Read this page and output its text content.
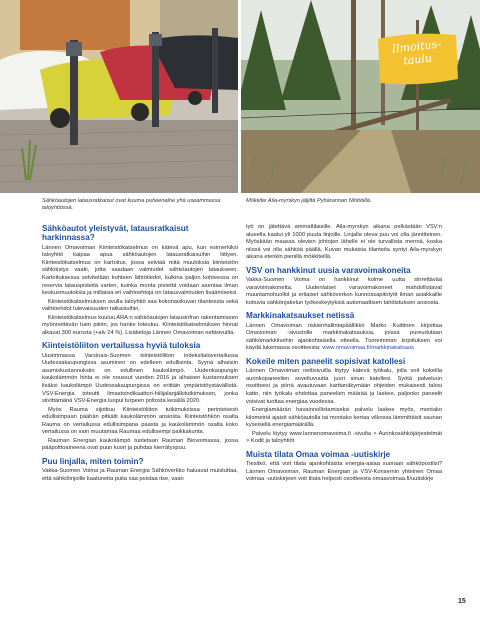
Ilmoitus-
taulu
Sähköautojen latausratkaisut ovat kuuma puheenaihe yhä useammassa taloyhtiössä.
Mökkitie Aila-myrskyn jäljiltä Pyhärannan Nihtiöillä.
Sähköautot yleistyvät, latausratkaisut harkinnassa?

Lännen Omavoiman Kiinteistökatselmus on kätevä apu, kun esimerkiksi taloyhtiö kaipaa apua sähköautojen latausratkaisuihin liittyen. Kiinteistökatselmus on kartoitus, jossa selviää mitä muutoksia kiinteistön sähköistys vaatii, jotta saadaan valmiudet sähköautojen lataukseen. Kartoituksessa selvitetään kohteen lähtötiedot, kulkina paljon kohteessa on reservia latauspisteitä varten, kuinka monta pistettä voidaan asentaa ilman keskusmuutoksia ja millaisia eri vaihtoehtoja on latausvalmiuden lisäämiseksi.

Kiinteistökatselmuksen avulla taloyhtiö saa kokonaiskuvan tilanteesta sekä vaihtoehdot tulevaisuuden ratkaisuihin.

Kiinteistökatselmus kuuluu ARA:n sähköautojen latausinfran rakentamiseen myönnettävän tuen piiriin, jos hanke toteutuu. Kiinteistökatselmuksen hinnat alkavat 300 eurosta (+alv 24 %). Lisätietoja Lännen Omavoiman nettisivuilta.

Kiinteistöliiton vertailussa hyviä tuloksia

Uusimmassa Varsinais-Suomen kiinteistöliiton indeksitalovertailussa Uudessakaupungissa asuminen on edelleen edullisinta. Syynä alhaisiin asumiskustannuksiin on edullinen kaukolämpö. Uudenkaupungin kaukolämmön hinta ei ole noussut vuoden 2016 ja alhaisen kustannuksen lisäksi kaukolämpö Uudessakaupungissa on erittäin ympäristöystävällistä. VSV-Energia toteutti ilmastoindikaattori-hiilijalanjälkitutkimuksen, jonka sitvittämänä VSV-Energia luopui turpeen poltosta kesällä 2020.

Myös Rauma sijoittuu Kiinteistöliiton tutkimuksissa perinteisesti edullisimpaan päähän pitkälti kaukolämmön ansiosta. Kiinteistöhkön osalta Rauma on vertailussa edullisimpana paasta ja kaukolämmön osalta koko vertailussa on vain muutamaa Raumaa edullisempi paikkakunta.

Rauman Energian kaukolämpö tuotetaan Rauman Biovoimassa, jossa pääpolttoaineena ovat puun kuori ja puhdas kierrätyspuu.

Puu linjalla, miten toimin?

Vakka-Suomen Voima ja Rauman Energia Sähköverkko haluavat muistuttaa, että sähkölinjoille kaatuneita puita saa poistaa itse, vaan

työ on jätettävä ammattilaisille. Aila-myrskyn aikana pelkästään VSV:n alueella kaatui yli 1000 puuta linjoille. Linjalla oleva puu voi olla jännitteinen. Myöskään maassa olevien johtojen lähelle ei ole turvallista mennä, koska niissä voi olla sähköä päällä. Kuvan mukaisia tilanteita syntyi Aila-myrskyn aikana etenkin pienillä mökkiteillä.

VSV on hankkinut uusia varavoimakoneita

Vakka-Suomen Voima on hankkinut kolme uutta siirrettävää varavoimakonetta. Uudenlaiset varavoimakoneet mahdollistavat muuntamohuollot ja erilaiset sähköverkon kunnossapitotyöt ilman asiakkaille koituvia sähkönjakelun työkeskeytyksiä automaattisen tahdistuksen ansiosta.

Markkinakatsaukset netissä

Lännen Omavoiman riskienhallintapäällikkö Marko Kuittinen kirjoittaa Omavoiman -sivustolle markkinakatsauksia, joissa pureudutaan sähkömarkkinoihin ajankohtaisella otteella. Tuoreimman kirjoituksen voi käydä lukemassa osoitteesta: www.omavoimaa.fi/markkinakatsaus

Kokeile miten paneelit sopisivat katollesi

Lännen Omavoiman nettisivuilla löytyy kätevä työkalu, jolla voit kokeilla aurinkopaneelien soveltuvuutta juuri sinun katollesi. Syötä palveluun osoitteesi ja piirrä avautuvaan karttanäkymään ohjeiden mukaisesti talosi katto, niin työkalu ehdottaa paneelien määrää ja laskee, paljonko paneelit voisivat tuottaa energiaa vuodessa.

Energiamäärän havainnollistamiseksi palvelu laskee myös, montako kilometriä ajaisit sähköautolla tai montako kertaa vilkossa lämmittäisit saunan kyseisellä energiamäärällä.

Palvelu löytyy www.lannenomavoima.fi -sivulta > Aurinkosähköjärjestelmät > Kodit ja taloyhtiöt

Muista tilata Omaa voimaa -uutiskirje

Tiesitkö, että voit tilata ajankohtaista energia-asiaa suoraan sähköpostiisi? Lännen Omavoiman, Rauman Energian ja VSV-Konsernin yhteinen Omaa voimaa -uutiskirjeen voit tilata helposti osoitteesta omaavoimaa.fi/uutiskirje

15
